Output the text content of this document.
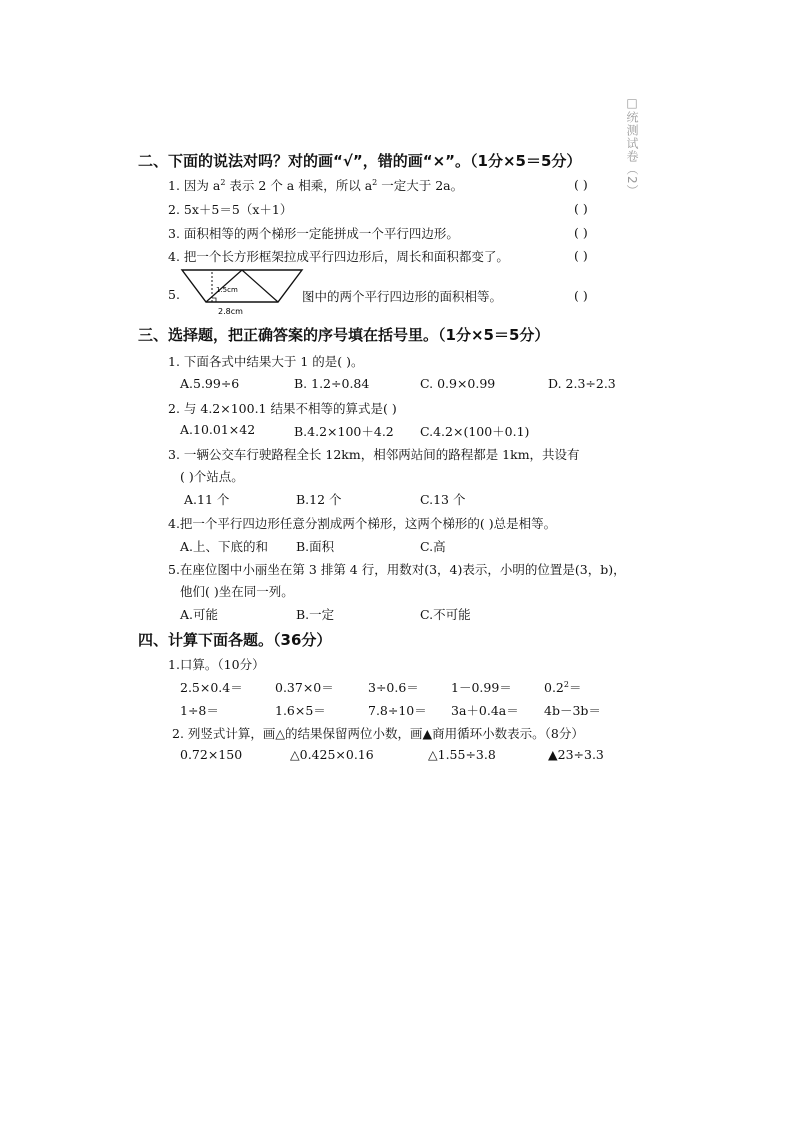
□统测试卷（2）
二、下面的说法对吗？对的画“√”，错的画“×”。（1分×5＝5分）
1. 因为 $a^2$ 表示 2 个 a 相乘，所以 $a^2$ 一定大于 2a。	( )
2. 5x＋5＝5（x＋1）	( )
3. 面积相等的两个梯形一定能拼成一个平行四边形。	( )
4. 把一个长方形框架拉成平行四边形后，周长和面积都变了。	( )
5.	1.5cm
2.8cm
图中的两个平行四边形的面积相等。	( )
三、选择题，把正确答案的序号填在括号里。（1分×5＝5分）
1. 下面各式中结果大于 1 的是( )。
A.5.99÷6	B. 1.2÷0.84	C. 0.9×0.99	D. 2.3÷2.3
2. 与 4.2×100.1 结果不相等的算式是( )
A.10.01×42	B.4.2×100＋4.2 C.4.2×(100＋0.1)
3. 一辆公交车行驶路程全长 12km，相邻两站间的路程都是 1km，共设有
( )个站点。
A.11 个	B.12 个	C.13 个
4.把一个平行四边形任意分割成两个梯形，这两个梯形的( )总是相等。
A.上、下底的和 B.面积	C.高
5.在座位图中小丽坐在第 3 排第 4 行，用数对(3，4)表示，小明的位置是(3，b)，
他们( )坐在同一列。
A.可能	B.一定	C.不可能
四、计算下面各题。（36分）
1.口算。（10分）
2.5×0.4＝	0.37×0＝	3÷0.6＝	1－0.99＝	$0.2^2=$
1÷8＝	1.6×5＝	7.8÷10＝ 3a＋0.4a＝ 4b－3b＝
2. 列竖式计算，画△的结果保留两位小数，画▲商用循环小数表示。（8分）
0.72×150	△0.425×0.16	△1.55÷3.8	▲23÷3.3
